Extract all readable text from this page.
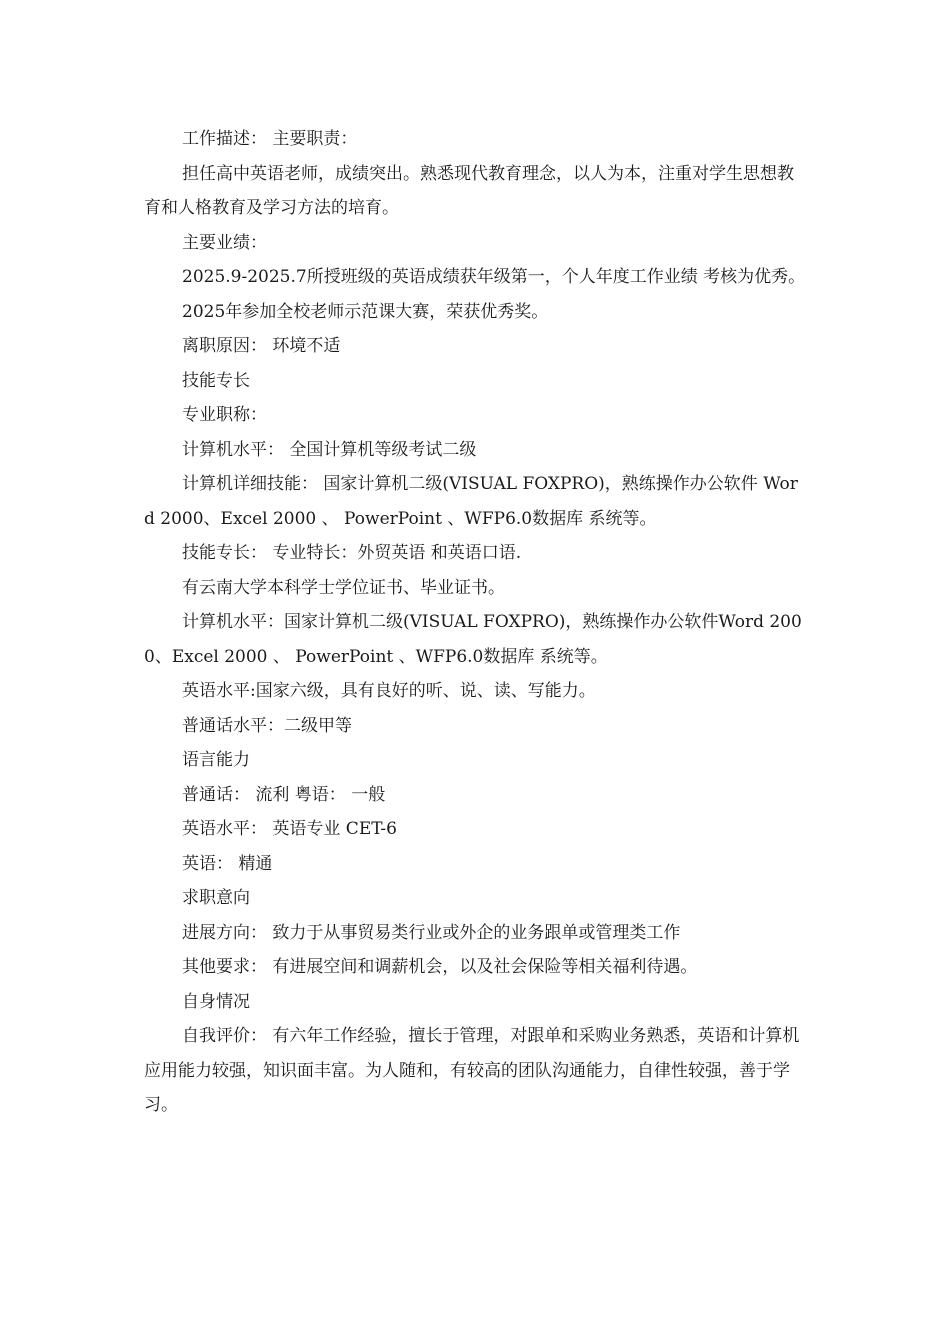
工作描述： 主要职责：

担任高中英语老师，成绩突出。熟悉现代教育理念，以人为本，注重对学生思想教育和人格教育及学习方法的培育。

主要业绩：

2025.9-2025.7所授班级的英语成绩获年级第一，个人年度工作业绩 考核为优秀。

2025年参加全校老师示范课大赛，荣获优秀奖。

离职原因： 环境不适

技能专长

专业职称：

计算机水平： 全国计算机等级考试二级

计算机详细技能： 国家计算机二级(VISUAL FOXPRO)，熟练操作办公软件 Word 2000、Excel 2000 、 PowerPoint 、WFP6.0数据库 系统等。

技能专长： 专业特长：外贸英语 和英语口语.

有云南大学本科学士学位证书、毕业证书。

计算机水平：国家计算机二级(VISUAL FOXPRO)，熟练操作办公软件Word 2000、Excel 2000 、 PowerPoint 、WFP6.0数据库 系统等。

英语水平:国家六级，具有良好的听、说、读、写能力。

普通话水平：二级甲等

语言能力

普通话： 流利 粤语： 一般

英语水平： 英语专业 CET-6

英语： 精通

求职意向

进展方向： 致力于从事贸易类行业或外企的业务跟单或管理类工作

其他要求： 有进展空间和调薪机会，以及社会保险等相关福利待遇。

自身情况

自我评价： 有六年工作经验，擅长于管理，对跟单和采购业务熟悉，英语和计算机应用能力较强，知识面丰富。为人随和，有较高的团队沟通能力，自律性较强，善于学习。
